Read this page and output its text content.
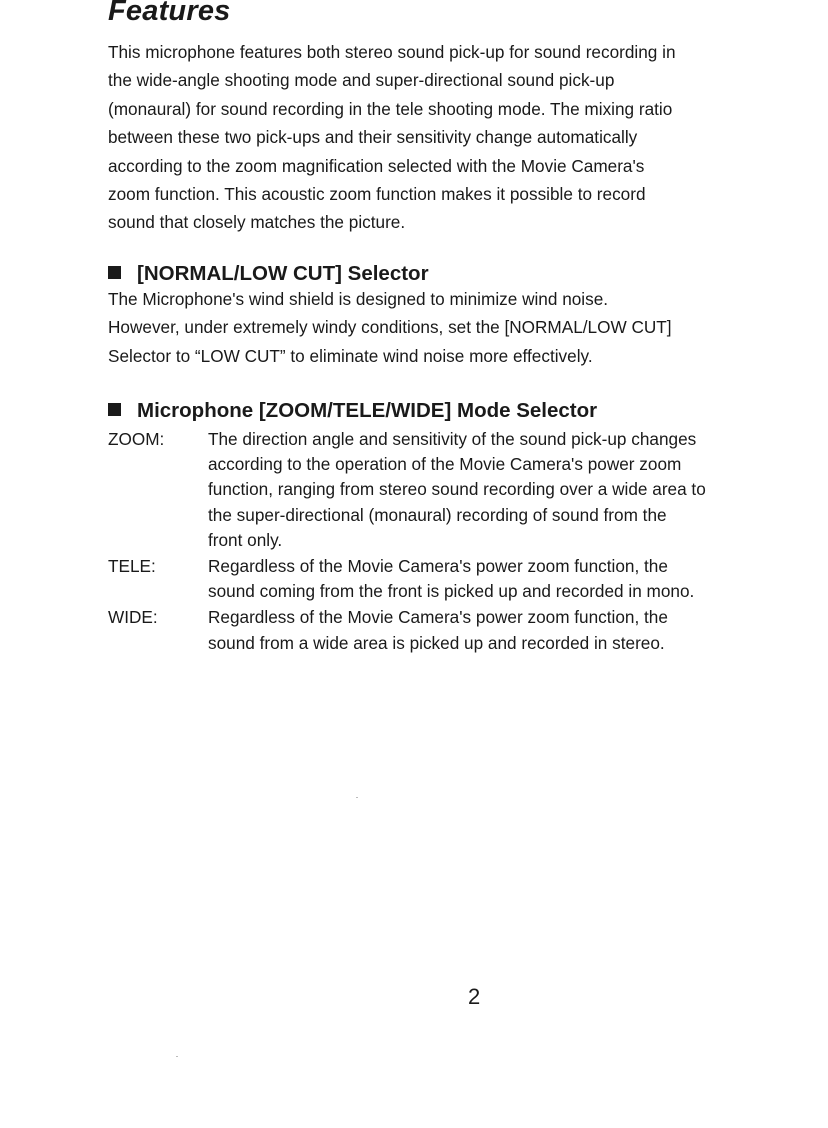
Features

This microphone features both stereo sound pick-up for sound recording in
the wide-angle shooting mode and super-directional sound pick-up
(monaural) for sound recording in the tele shooting mode. The mixing ratio
between these two pick-ups and their sensitivity change automatically
according to the zoom magnification selected with the Movie Camera's
zoom function. This acoustic zoom function makes it possible to record
sound that closely matches the picture.

[NORMAL/LOW CUT] Selector

The Microphone's wind shield is designed to minimize wind noise.
However, under extremely windy conditions, set the [NORMAL/LOW CUT]
Selector to “LOW CUT” to eliminate wind noise more effectively.

Microphone [ZOOM/TELE/WIDE] Mode Selector
ZOOM:	The direction angle and sensitivity of the sound pick-up changes
according to the operation of the Movie Camera's power zoom
function, ranging from stereo sound recording over a wide area to
the super-directional (monaural) recording of sound from the
front only.
TELE:	Regardless of the Movie Camera's power zoom function, the
sound coming from the front is picked up and recorded in mono.
WIDE:	Regardless of the Movie Camera's power zoom function, the
sound from a wide area is picked up and recorded in stereo.
2
